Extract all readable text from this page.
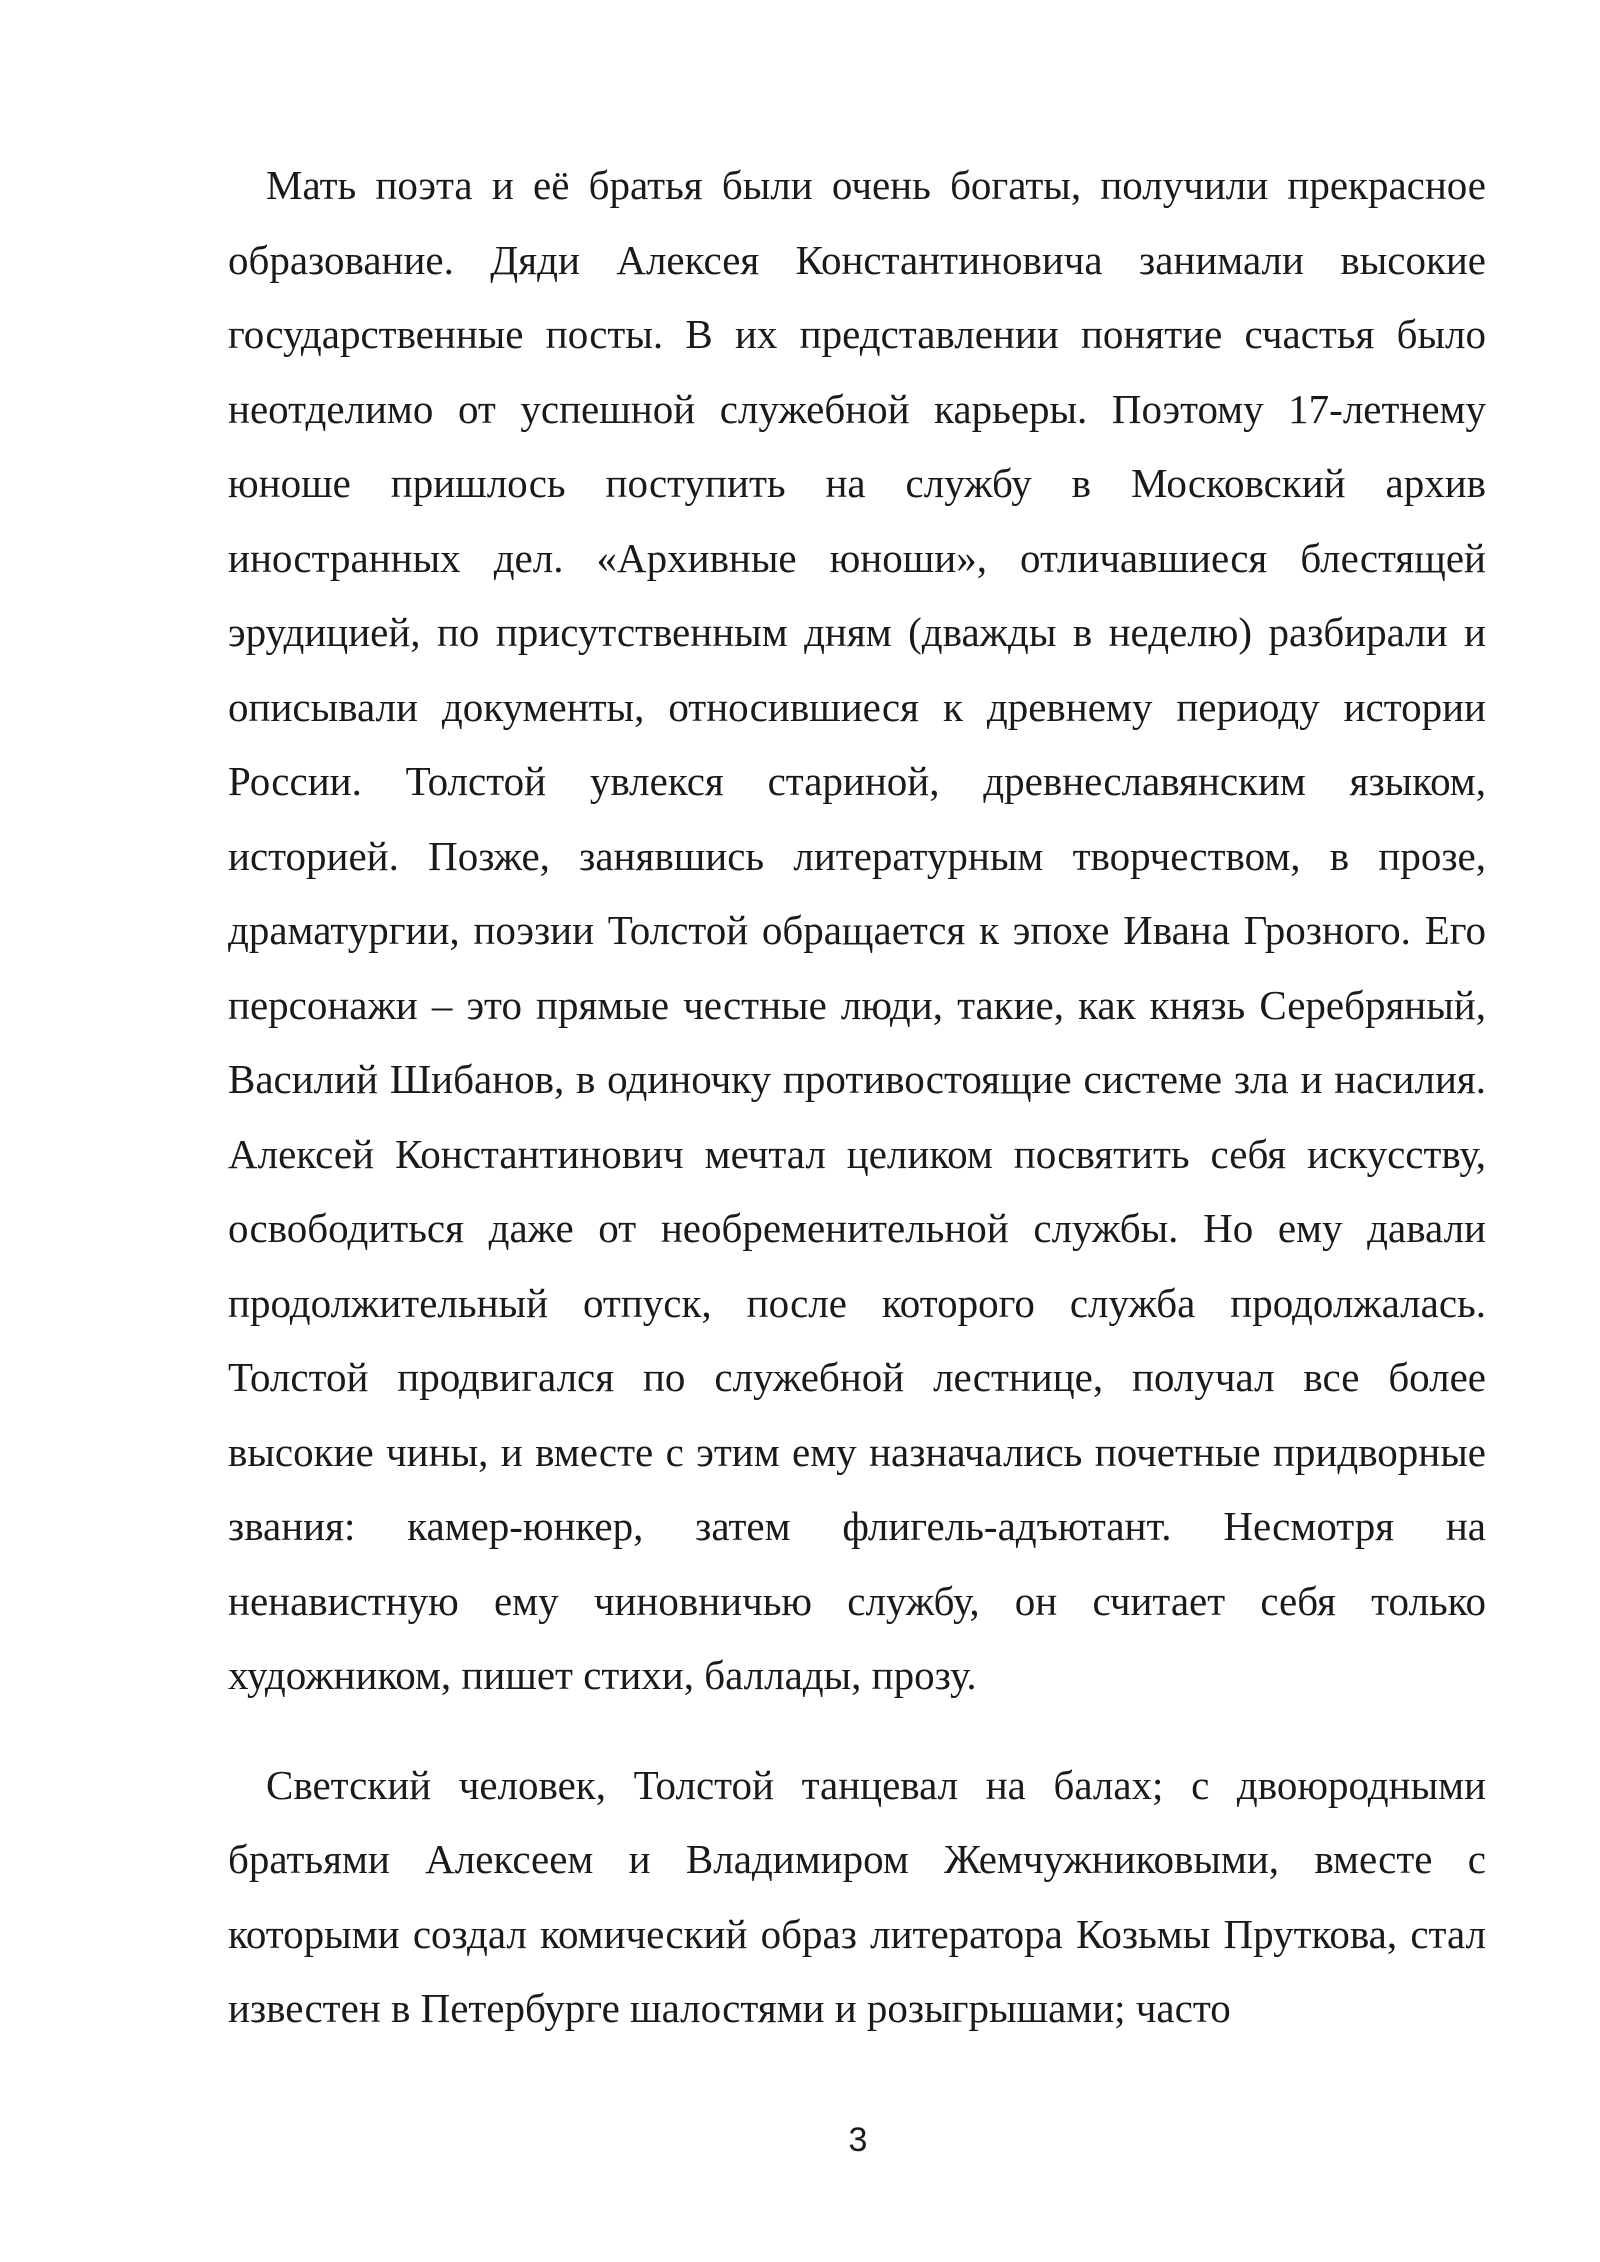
Мать поэта и её братья были очень богаты, получили прекрасное образование. Дяди Алексея Константиновича занимали высокие государственные посты. В их представлении понятие счастья было неотделимо от успешной служебной карьеры. Поэтому 17-летнему юноше пришлось поступить на службу в Московский архив иностранных дел. «Архивные юноши», отличавшиеся блестящей эрудицией, по присутственным дням (дважды в неделю) разбирали и описывали документы, относившиеся к древнему периоду истории России. Толстой увлекся стариной, древнеславянским языком, историей. Позже, занявшись литературным творчеством, в прозе, драматургии, поэзии Толстой обращается к эпохе Ивана Грозного. Его персонажи – это прямые честные люди, такие, как князь Серебряный, Василий Шибанов, в одиночку противостоящие системе зла и насилия. Алексей Константинович мечтал целиком посвятить себя искусству, освободиться даже от необременительной службы. Но ему давали продолжительный отпуск, после которого служба продолжалась. Толстой продвигался по служебной лестнице, получал все более высокие чины, и вместе с этим ему назначались почетные придворные звания: камер-юнкер, затем флигель-адъютант. Несмотря на ненавистную ему чиновничью службу, он считает себя только художником, пишет стихи, баллады, прозу.

Светский человек, Толстой танцевал на балах; с двоюродными братьями Алексеем и Владимиром Жемчужниковыми, вместе с которыми создал комический образ литератора Козьмы Пруткова, стал известен в Петербурге шалостями и розыгрышами; часто

3
